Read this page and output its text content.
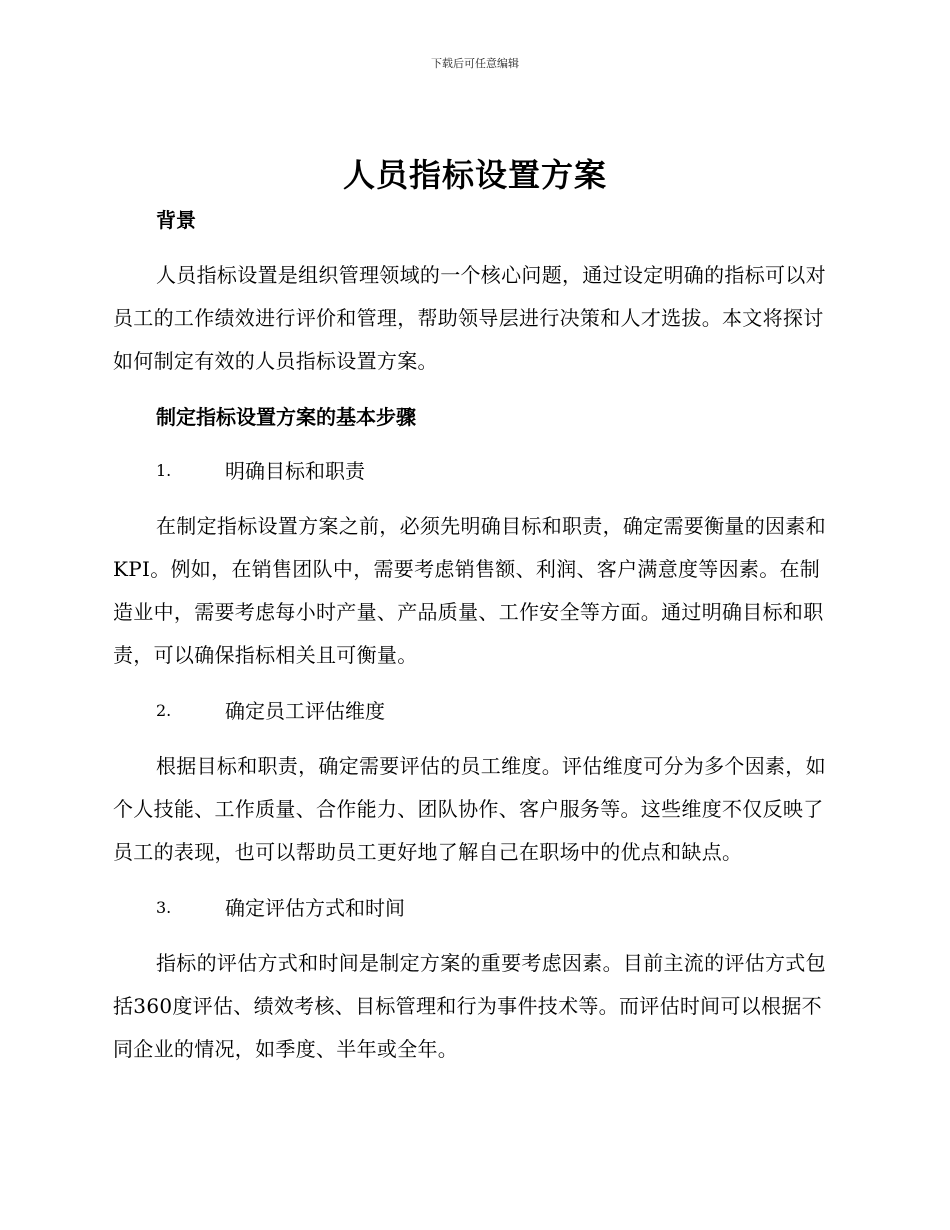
下载后可任意编辑
人员指标设置方案

背景

人员指标设置是组织管理领域的一个核心问题，通过设定明确的指标可以对员工的工作绩效进行评价和管理，帮助领导层进行决策和人才选拔。本文将探讨如何制定有效的人员指标设置方案。

制定指标设置方案的基本步骤

1.	明确目标和职责

在制定指标设置方案之前，必须先明确目标和职责，确定需要衡量的因素和KPI。例如，在销售团队中，需要考虑销售额、利润、客户满意度等因素。在制造业中，需要考虑每小时产量、产品质量、工作安全等方面。通过明确目标和职责，可以确保指标相关且可衡量。

2.	确定员工评估维度

根据目标和职责，确定需要评估的员工维度。评估维度可分为多个因素，如个人技能、工作质量、合作能力、团队协作、客户服务等。这些维度不仅反映了员工的表现，也可以帮助员工更好地了解自己在职场中的优点和缺点。

3.	确定评估方式和时间

指标的评估方式和时间是制定方案的重要考虑因素。目前主流的评估方式包括360度评估、绩效考核、目标管理和行为事件技术等。而评估时间可以根据不同企业的情况，如季度、半年或全年。
